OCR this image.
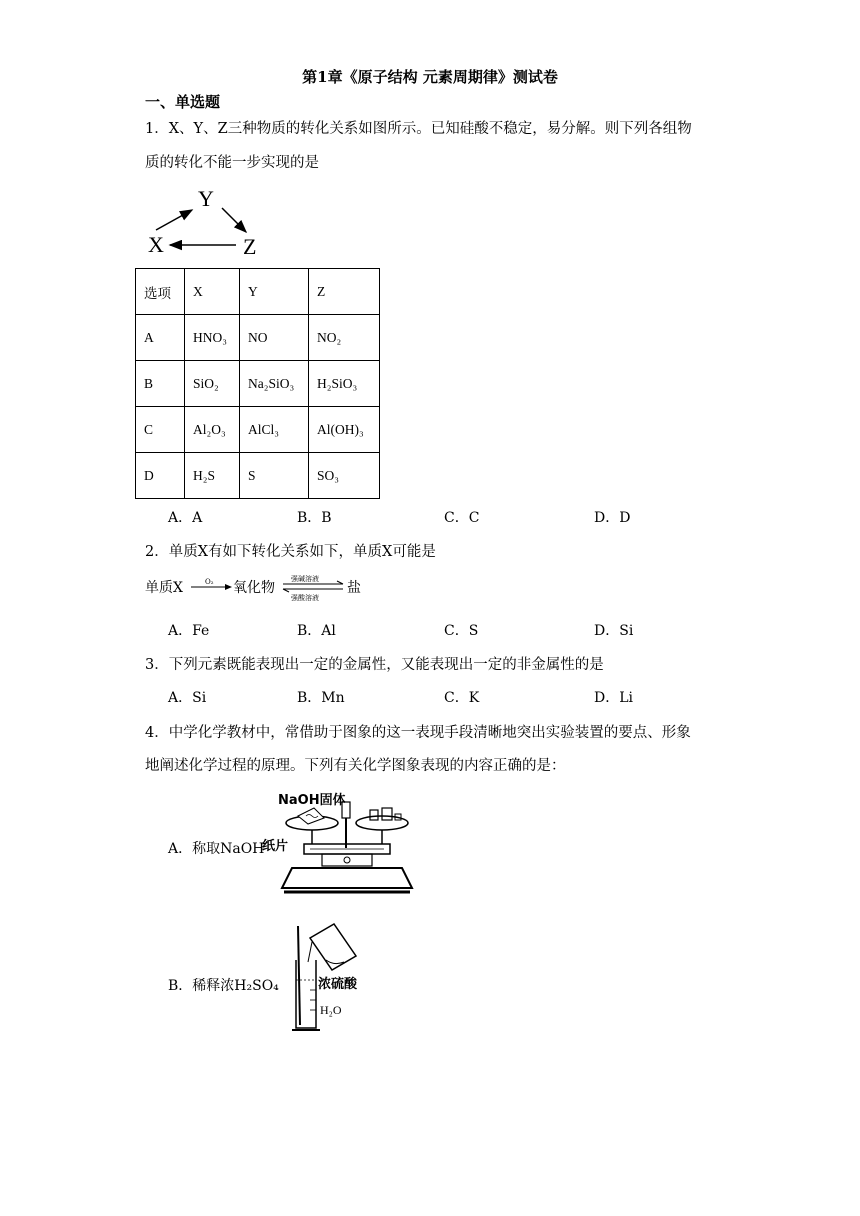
第1章《原子结构 元素周期律》测试卷
一、单选题
1．X、Y、Z三种物质的转化关系如图所示。已知硅酸不稳定，易分解。则下列各组物
质的转化不能一步实现的是
Y
X	Z
选项	X	Y	Z
A	HNO₃	NO	NO₂
B	SiO₂	Na₂SiO₃	H₂SiO₃
C	Al₂O₃	AlCl₃	Al(OH)₃
D	H₂S	S	SO₃
A．A	B．B	C．C	D．D
2．单质X有如下转化关系如下，单质X可能是
单质X	O₂ 氧化物
强碱溶液
强酸溶液
盐
A．Fe	B．Al	C．S	D．Si
3．下列元素既能表现出一定的金属性，又能表现出一定的非金属性的是
A．Si	B．Mn	C．K	D．Li
4．中学化学教材中，常借助于图象的这一表现手段清晰地突出实验装置的要点、形象
地阐述化学过程的原理。下列有关化学图象表现的内容正确的是：
A．称取NaOH
NaOH固体
纸片
B．稀释浓H₂SO₄	浓硫酸
H₂O
